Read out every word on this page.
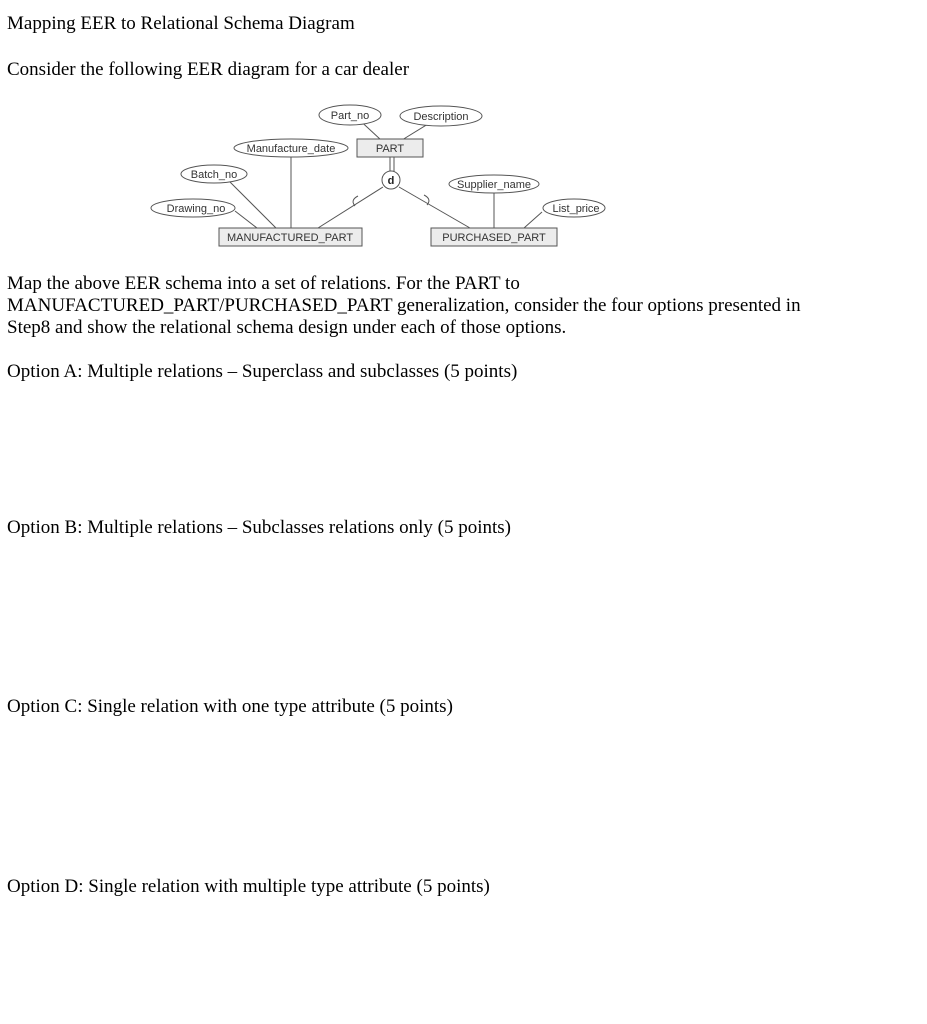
Mapping EER to Relational Schema Diagram
Consider the following EER diagram for a car dealer
d
Part_no	Description
Manufacture_date	PART
Batch_no
Drawing_no
Supplier_name
List_price
MANUFACTURED_PART	PURCHASED_PART
Map the above EER schema into a set of relations. For the PART to
MANUFACTURED_PART/PURCHASED_PART generalization, consider the four options presented in
Step8 and show the relational schema design under each of those options.
Option A: Multiple relations – Superclass and subclasses (5 points)
Option B: Multiple relations – Subclasses relations only (5 points)
Option C: Single relation with one type attribute (5 points)
Option D: Single relation with multiple type attribute (5 points)
